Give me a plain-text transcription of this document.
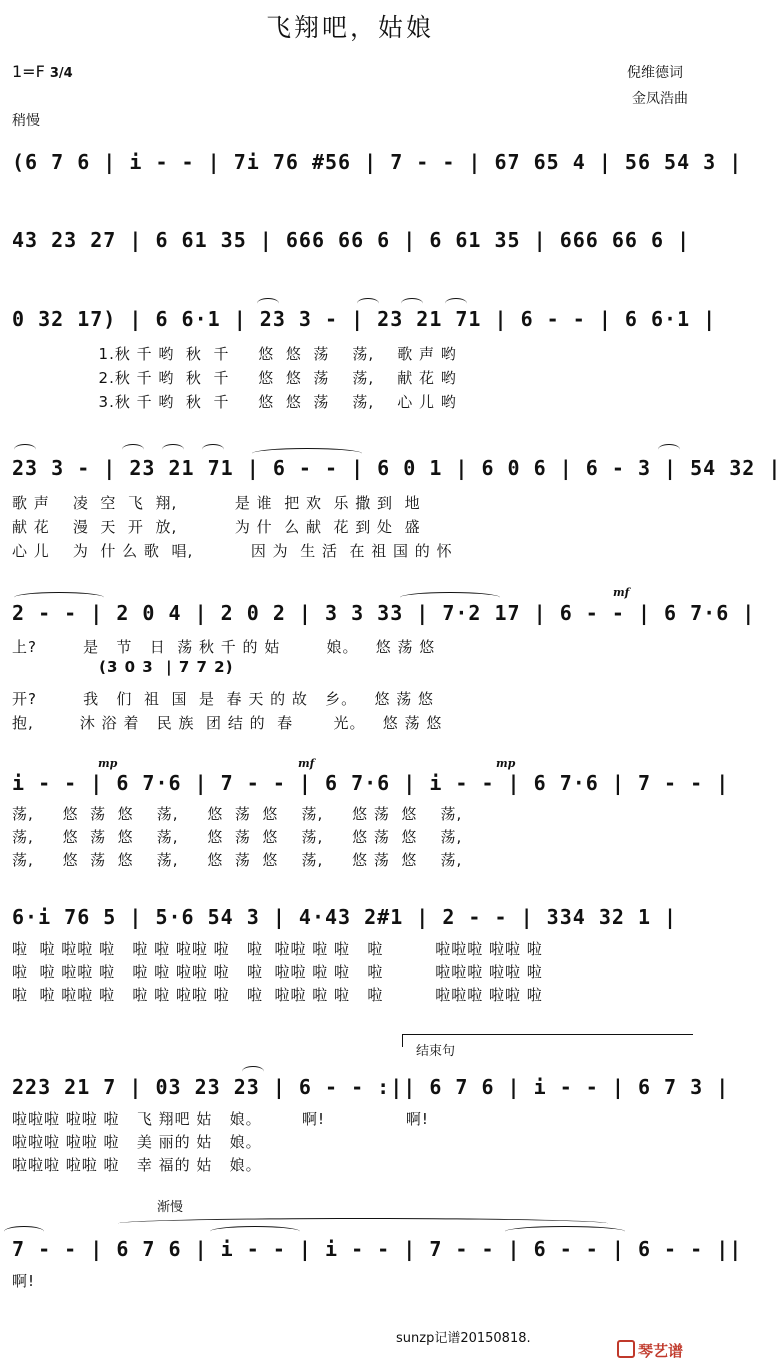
飞翔吧，姑娘
1=F 3/4	倪维德词
金凤浩曲
稍慢
(6 7 6 | i - - | 7i 76 #56 | 7 - - | 67 65 4 | 56 54 3 |
43 23 27 | 6 61 35 | 666 66 6 | 6 61 35 | 666 66 6 |
0 32 17) | 6 6·1 | 23 3 - | 23 21 71 | 6 - - | 6 6·1 |
1.秋 千 哟  秋  千     悠  悠  荡    荡,    歌 声 哟
2.秋 千 哟  秋  千     悠  悠  荡    荡,    献 花 哟
3.秋 千 哟  秋  千     悠  悠  荡    荡,    心 儿 哟
23 3 - | 23 21 71 | 6 - - | 6 0 1 | 6 0 6 | 6 - 3 | 54 32 |
歌 声    凌  空  飞  翔,          是 谁  把 欢  乐 撒 到  地
献 花    漫  天  开  放,          为 什  么 献  花 到 处  盛
心 儿    为  什 么 歌  唱,          因 为  生 活  在 祖 国 的 怀
mf
2 - - | 2 0 4 | 2 0 2 | 3 3 33 | 7·2 17 | 6 - - | 6 7·6 |
上?        是   节   日  荡 秋 千 的 姑        娘。   悠 荡 悠
(3 0 3  | 7 7 2)
开?        我   们  祖  国  是  春 天 的 故   乡。   悠 荡 悠
抱,        沐 浴 着   民 族  团 结 的  春       光。   悠 荡 悠
mp	mf	mp
i - - | 6 7·6 | 7 - - | 6 7·6 | i - - | 6 7·6 | 7 - - |
荡,     悠  荡  悠    荡,     悠  荡  悠    荡,     悠 荡  悠    荡,
荡,     悠  荡  悠    荡,     悠  荡  悠    荡,     悠 荡  悠    荡,
荡,     悠  荡  悠    荡,     悠  荡  悠    荡,     悠 荡  悠    荡,
6·i 76 5 | 5·6 54 3 | 4·43 2#1 | 2 - - | 334 32 1 |
啦  啦 啦啦 啦   啦 啦 啦啦 啦   啦  啦啦 啦 啦   啦         啦啦啦 啦啦 啦
啦  啦 啦啦 啦   啦 啦 啦啦 啦   啦  啦啦 啦 啦   啦         啦啦啦 啦啦 啦
啦  啦 啦啦 啦   啦 啦 啦啦 啦   啦  啦啦 啦 啦   啦         啦啦啦 啦啦 啦
结束句
223 21 7 | 03 23 23 | 6 - - :|| 6 7 6 | i - - | 6 7 3 |
啦啦啦 啦啦 啦   飞 翔吧 姑   娘。       啊!              啊!
啦啦啦 啦啦 啦   美 丽的 姑   娘。
啦啦啦 啦啦 啦   幸 福的 姑   娘。
渐慢
7 - - | 6 7 6 | i - - | i - - | 7 - - | 6 - - | 6 - - ||
啊!
sunzp记谱20150818.
琴艺谱
